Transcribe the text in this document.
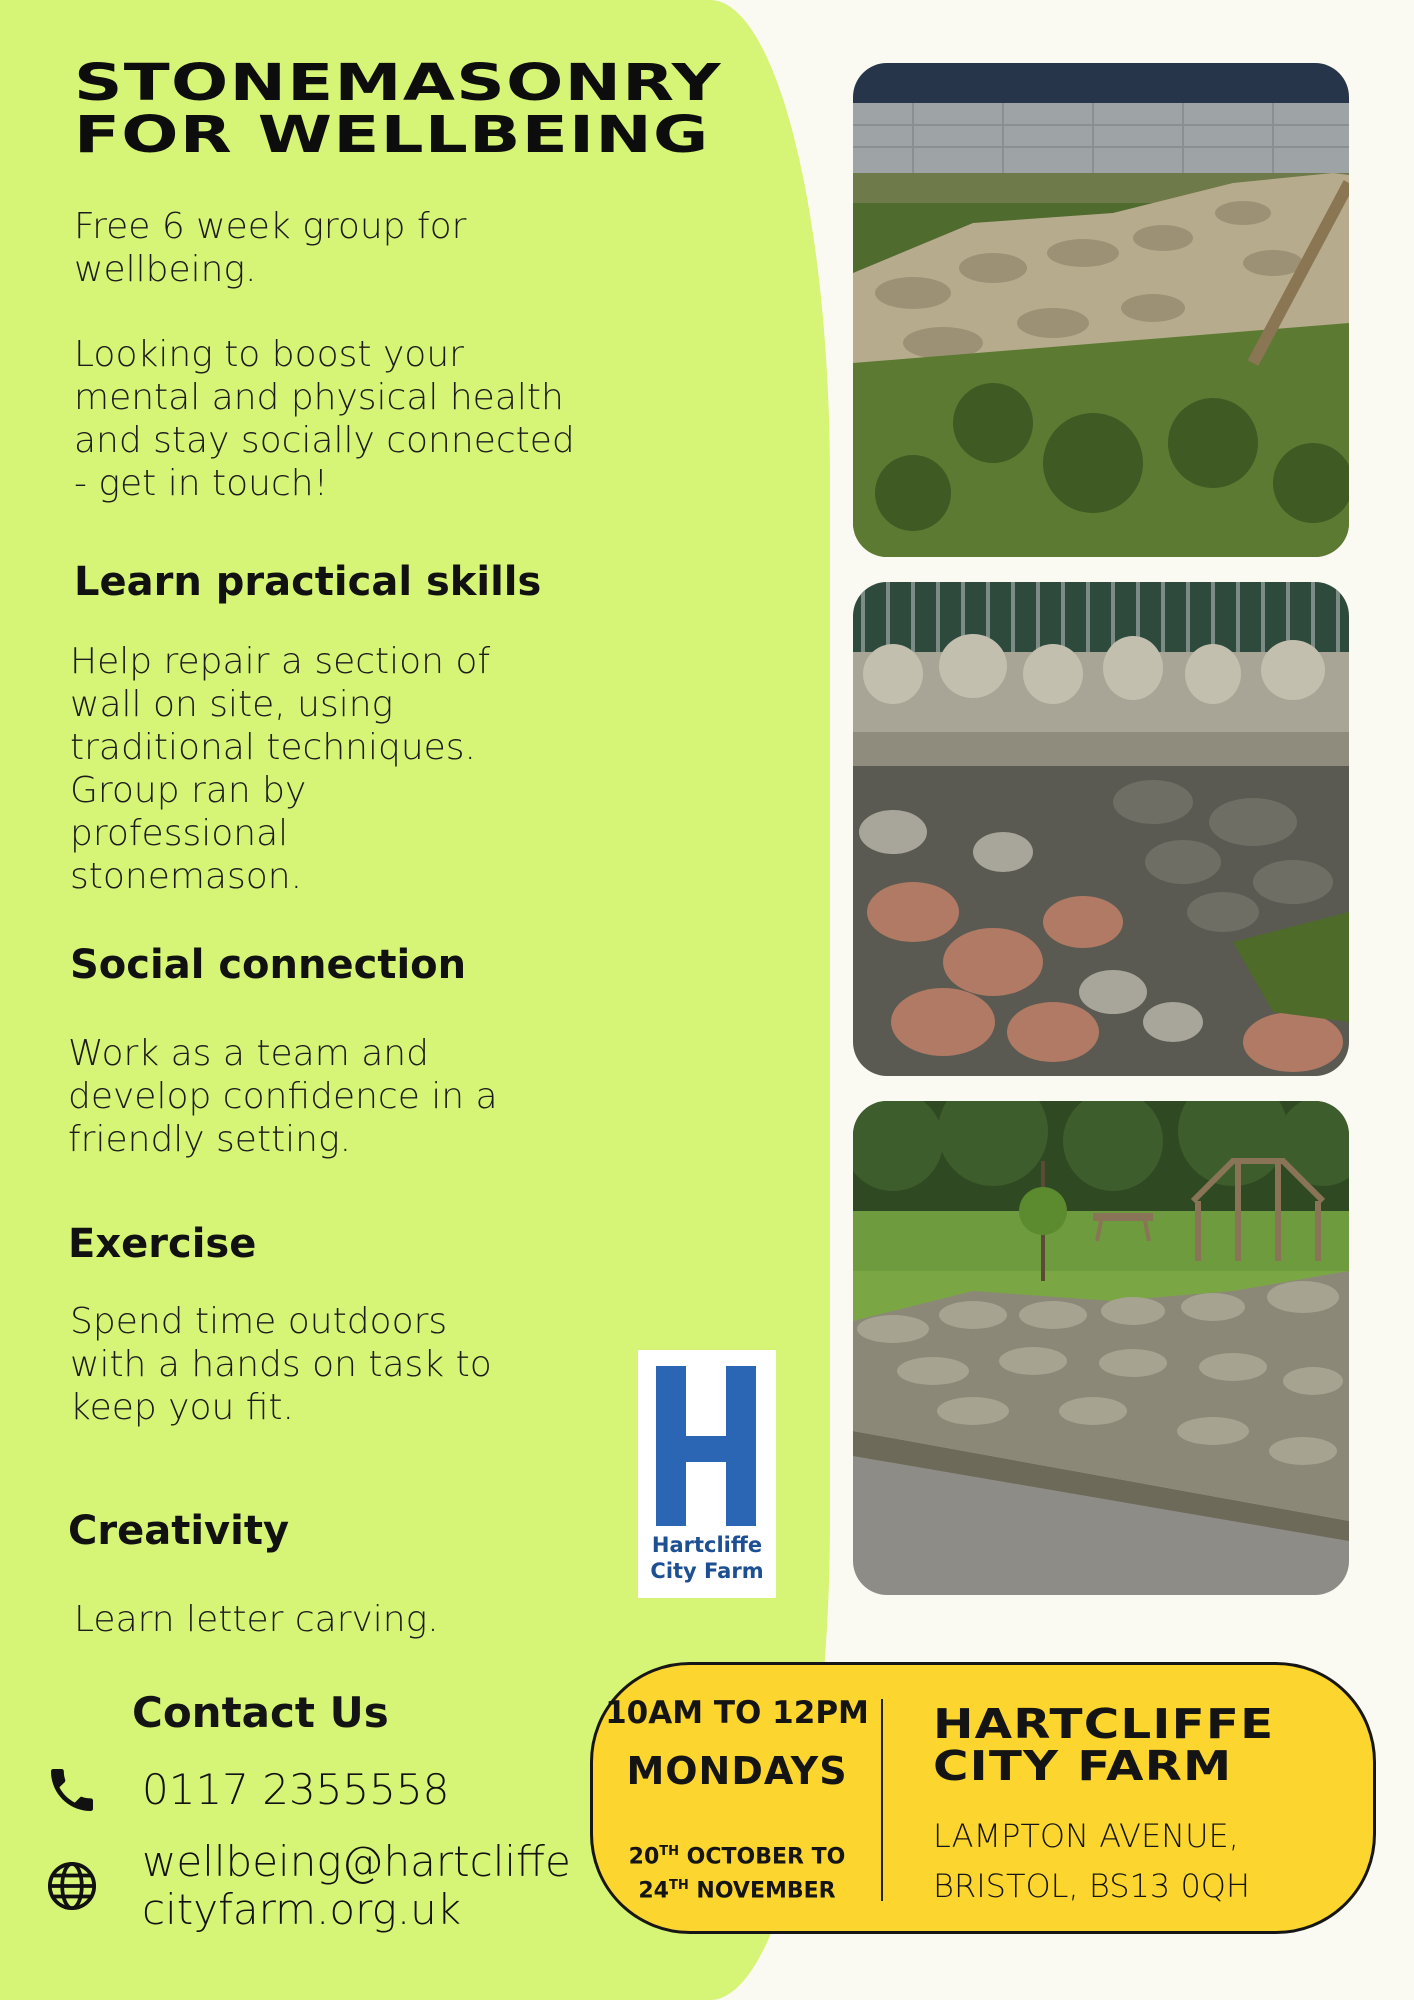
STONEMASONRY
FOR WELLBEING

Free 6 week group for
wellbeing.

Looking to boost your
mental and physical health
and stay socially connected
- get in touch!

Learn practical skills

Help repair a section of
wall on site, using
traditional techniques.
Group ran by
professional
stonemason.

Social connection

Work as a team and
develop confidence in a
friendly setting.

Exercise

Spend time outdoors
with a hands on task to
keep you fit.

Creativity

Learn letter carving.

Contact Us
0117 2355558
wellbeing@hartcliffe
cityfarm.org.uk
Hartcliffe
City Farm

10AM TO 12PM

MONDAYS

20TH OCTOBER TO
24TH NOVEMBER

HARTCLIFFE
CITY FARM

LAMPTON AVENUE,
BRISTOL, BS13 0QH
